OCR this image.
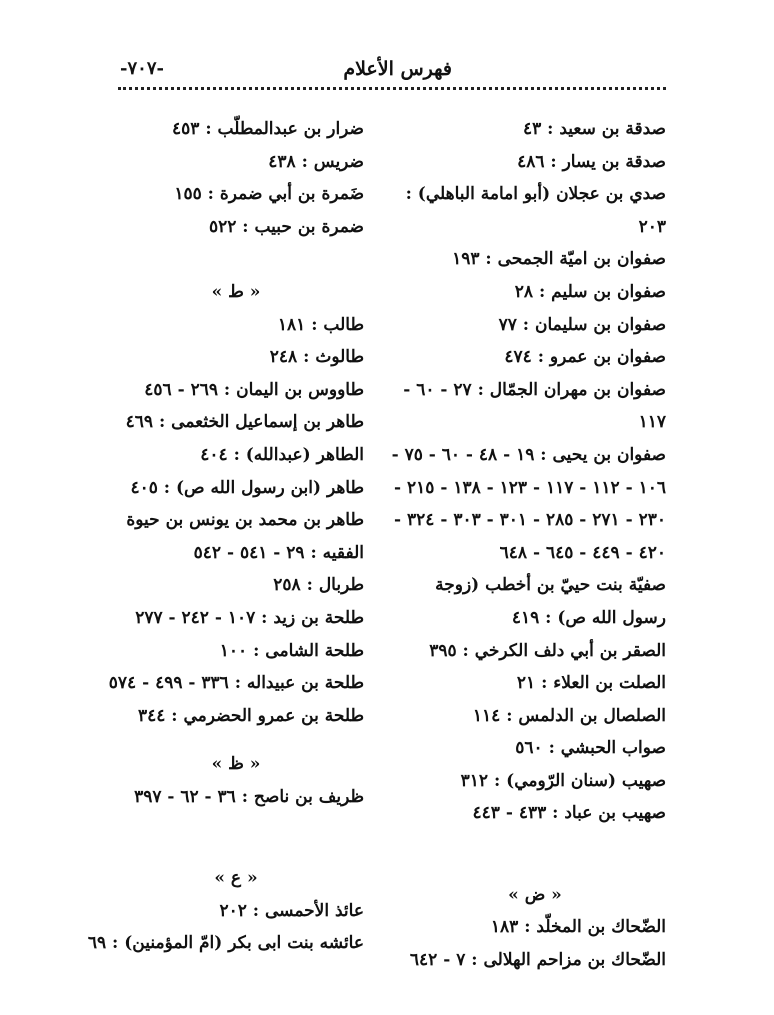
فهرس الأعلام
-٧٠٧-
صدقة بن سعيد : ٤٣
صدقة بن يسار : ٤٨٦
صدي بن عجلان (أبو امامة الباهلي) :
٢٠٣
صفوان بن اميّة الجمحى : ١٩٣
صفوان بن سليم : ٢٨
صفوان بن سليمان : ٧٧
صفوان بن عمرو : ٤٧٤
صفوان بن مهران الجمّال : ٢٧ - ٦٠ -
١١٧
صفوان بن يحيى : ١٩ - ٤٨ - ٦٠ - ٧٥ -
١٠٦ - ١١٢ - ١١٧ - ١٢٣ - ١٣٨ - ٢١٥ -
٢٣٠ - ٢٧١ - ٢٨٥ - ٣٠١ - ٣٠٣ - ٣٢٤ -
٤٢٠ - ٤٤٩ - ٦٤٥ - ٦٤٨
صفيّة بنت حييّ بن أخطب (زوجة
رسول الله ص) : ٤١٩
الصقر بن أبي دلف الكرخي : ٣٩٥
الصلت بن العلاء : ٢١
الصلصال بن الدلمس : ١١٤
صواب الحبشي : ٥٦٠
صهيب (سنان الرّومي) : ٣١٢
صهيب بن عباد : ٤٣٣ - ٤٤٣
« ض »
الضّحاك بن المخلّد : ١٨٣
الضّحاك بن مزاحم الهلالى : ٧ - ٦٤٢
ضرار بن عبدالمطلّب : ٤٥٣
ضريس : ٤٣٨
ضَمرة بن أبي ضمرة : ١٥٥
ضمرة بن حبيب : ٥٢٢
« ط »
طالب : ١٨١
طالوث : ٢٤٨
طاووس بن اليمان : ٢٦٩ - ٤٥٦
طاهر بن إسماعيل الخثعمى : ٤٦٩
الطاهر (عبدالله) : ٤٠٤
طاهر (ابن رسول الله ص) : ٤٠٥
طاهر بن محمد بن يونس بن حيوة
الفقيه : ٢٩ - ٥٤١ - ٥٤٢
طربال : ٢٥٨
طلحة بن زيد : ١٠٧ - ٢٤٢ - ٢٧٧
طلحة الشامى : ١٠٠
طلحة بن عبيداله : ٣٣٦ - ٤٩٩ - ٥٧٤
طلحة بن عمرو الحضرمي : ٣٤٤
« ظ »
ظريف بن ناصح : ٣٦ - ٦٢ - ٣٩٧
« ع »
عائذ الأحمسى : ٢٠٢
عائشه بنت ابى بكر (امّ المؤمنين) : ٦٩
